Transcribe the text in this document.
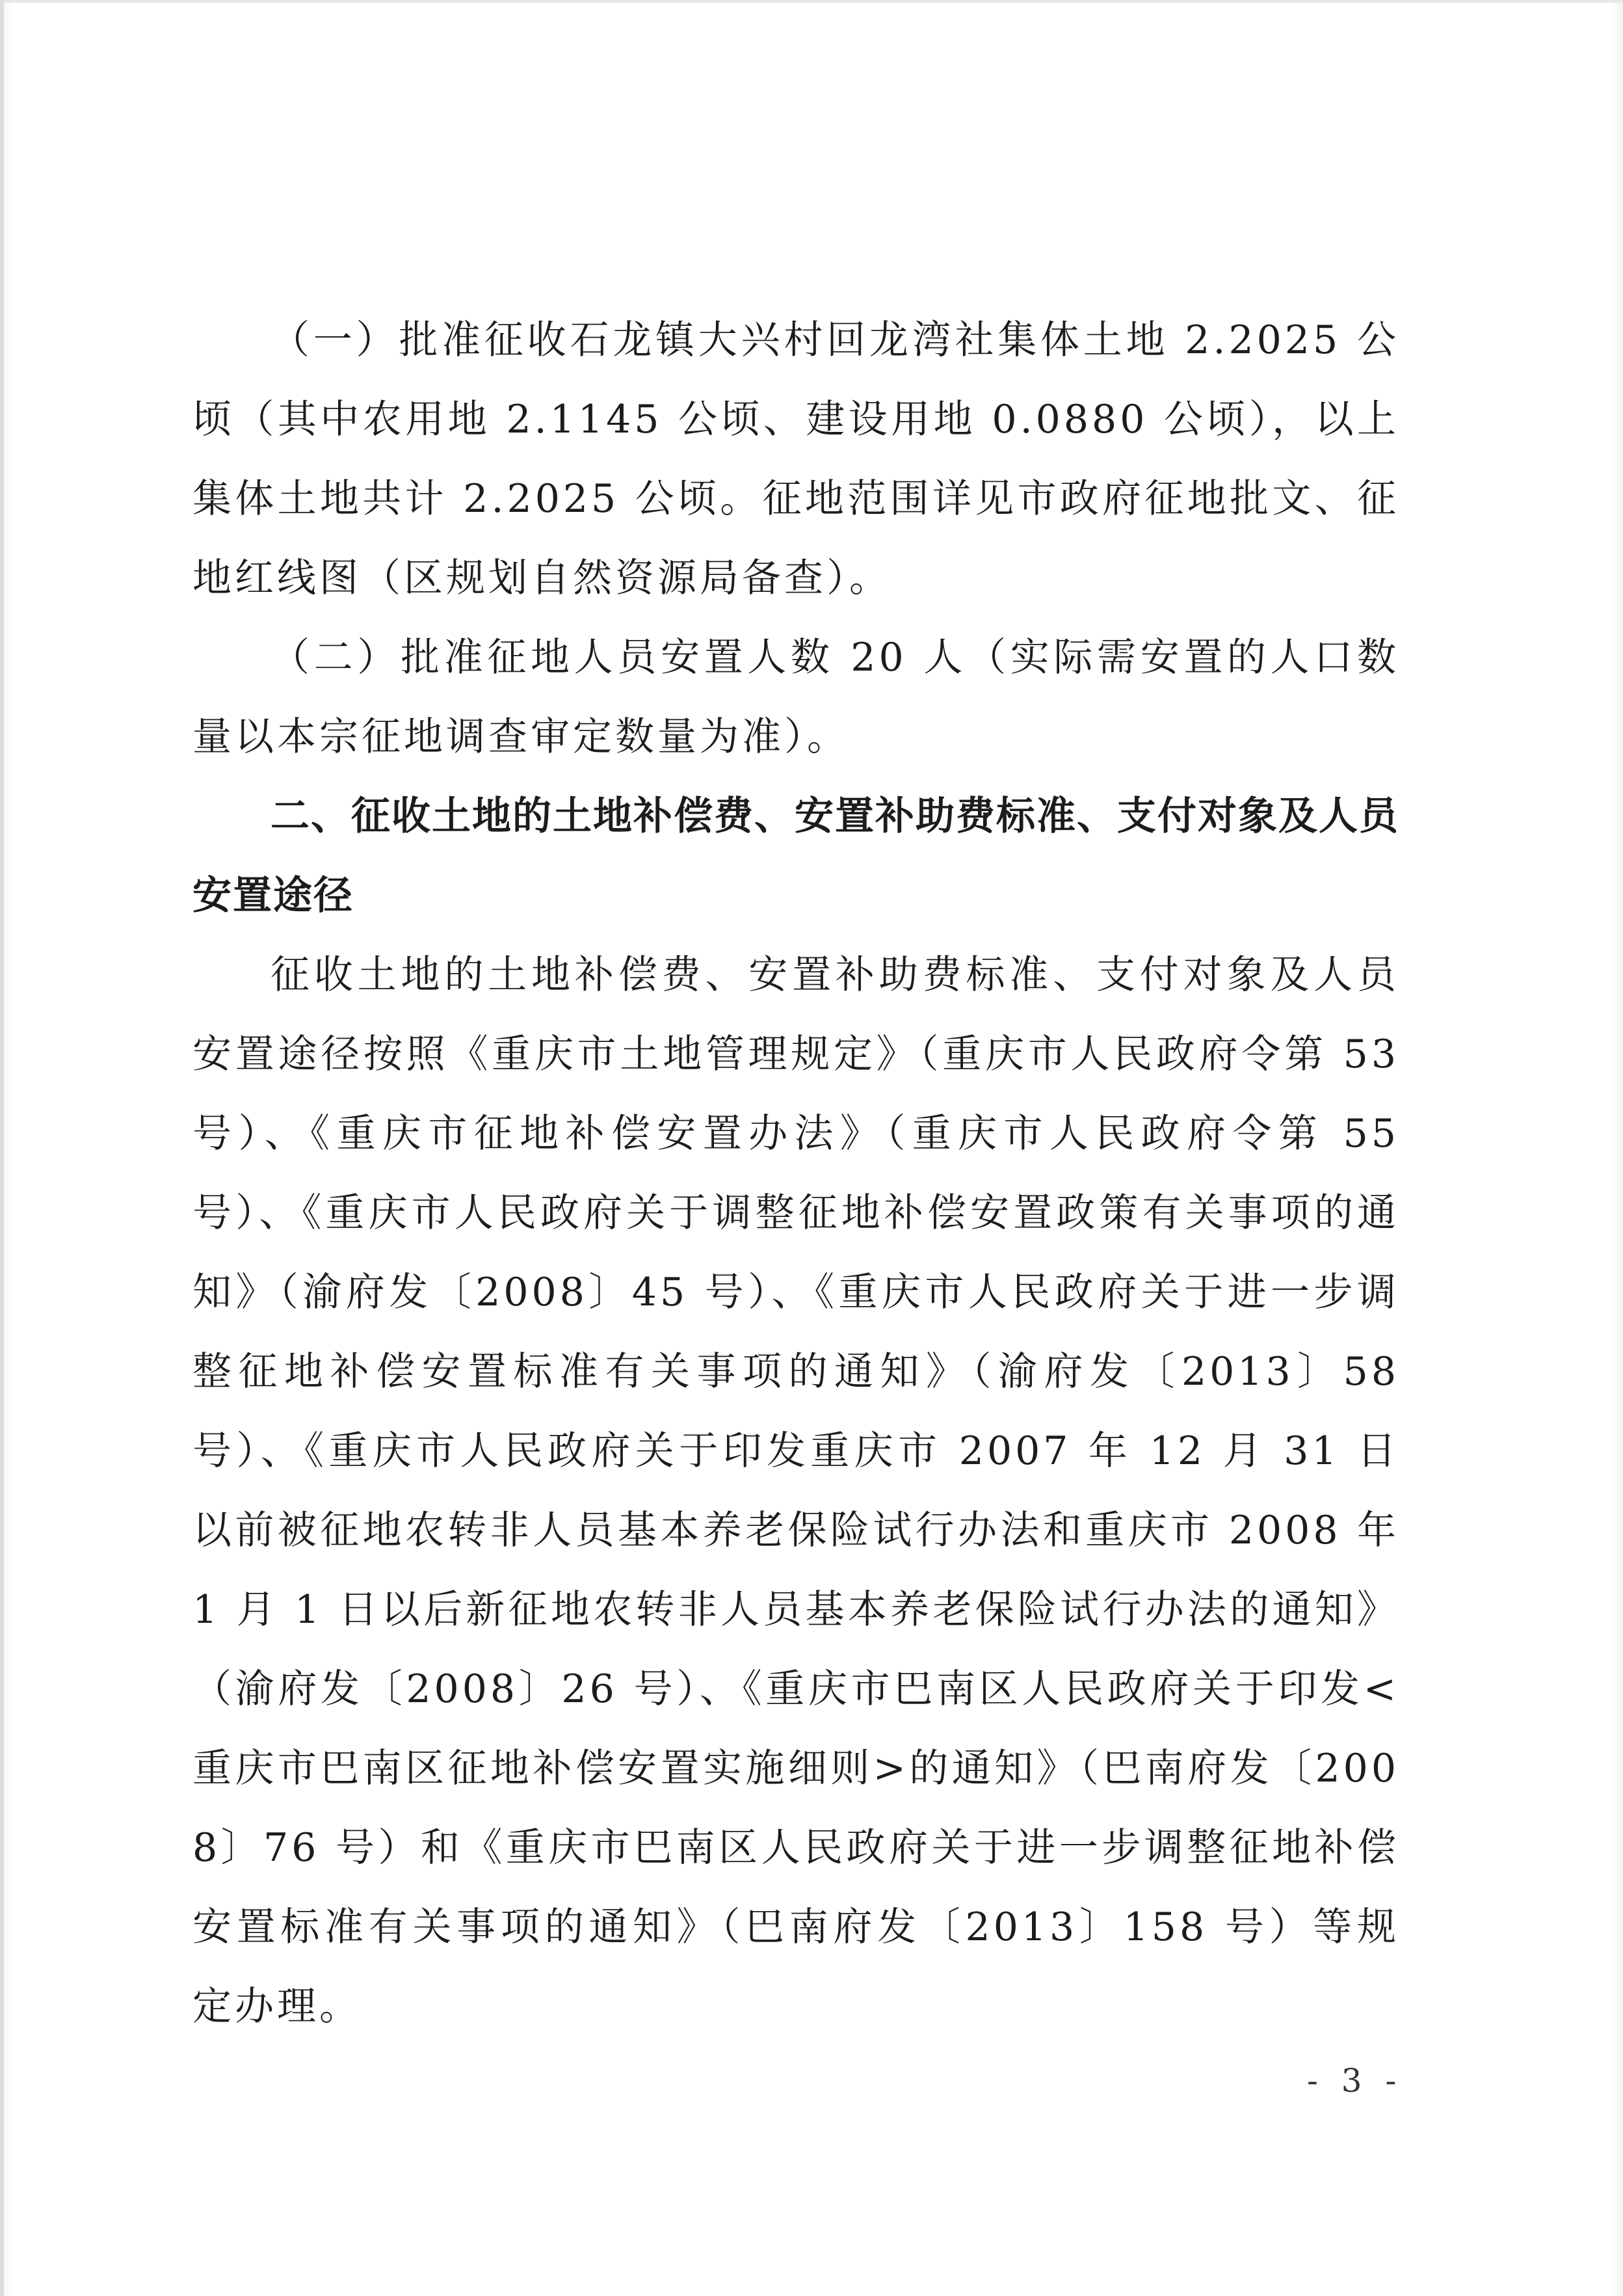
（一）批准征收石龙镇大兴村回龙湾社集体土地 2.2025 公顷（其中农用地 2.1145 公顷、建设用地 0.0880 公顷），以上集体土地共计 2.2025 公顷。征地范围详见市政府征地批文、征地红线图（区规划自然资源局备查）。

（二）批准征地人员安置人数 20 人（实际需安置的人口数量以本宗征地调查审定数量为准）。

二、征收土地的土地补偿费、安置补助费标准、支付对象及人员安置途径

征收土地的土地补偿费、安置补助费标准、支付对象及人员安置途径按照《重庆市土地管理规定》（重庆市人民政府令第 53 号）、《重庆市征地补偿安置办法》（重庆市人民政府令第 55 号）、《重庆市人民政府关于调整征地补偿安置政策有关事项的通知》（渝府发〔2008〕45 号）、《重庆市人民政府关于进一步调整征地补偿安置标准有关事项的通知》（渝府发〔2013〕58 号）、《重庆市人民政府关于印发重庆市 2007 年 12 月 31 日以前被征地农转非人员基本养老保险试行办法和重庆市 2008 年 1 月 1 日以后新征地农转非人员基本养老保险试行办法的通知》（渝府发〔2008〕26 号）、《重庆市巴南区人民政府关于印发<重庆市巴南区征地补偿安置实施细则>的通知》（巴南府发〔2008〕76 号）和《重庆市巴南区人民政府关于进一步调整征地补偿安置标准有关事项的通知》（巴南府发〔2013〕158 号）等规定办理。

- 3 -
